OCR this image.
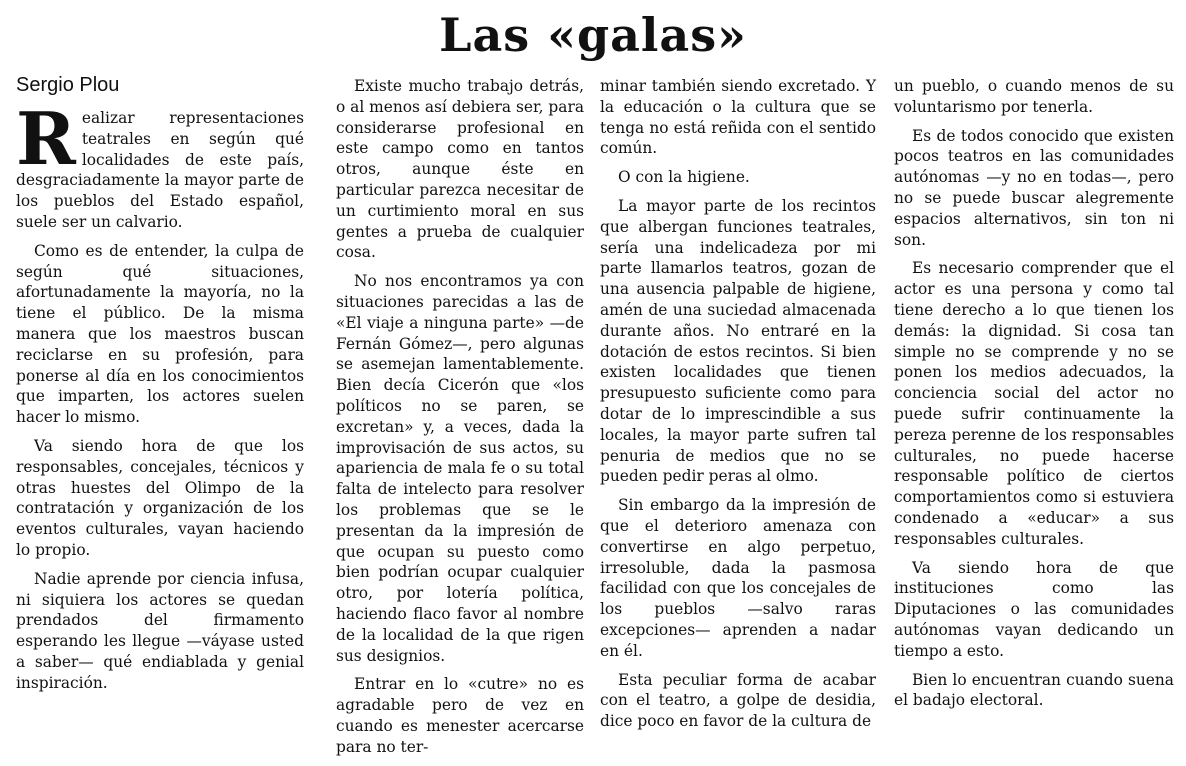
Las «galas»
Sergio Plou

Realizar representaciones teatrales en según qué localidades de este país, desgraciadamente la mayor parte de los pueblos del Estado español, suele ser un calvario.

Como es de entender, la culpa de según qué situaciones, afortunadamente la mayoría, no la tiene el público. De la misma manera que los maestros buscan reciclarse en su profesión, para ponerse al día en los conocimientos que imparten, los actores suelen hacer lo mismo.

Va siendo hora de que los responsables, concejales, técnicos y otras huestes del Olimpo de la contratación y organización de los eventos culturales, vayan haciendo lo propio.

Nadie aprende por ciencia infusa, ni siquiera los actores se quedan prendados del firmamento esperando les llegue —váyase usted a saber— qué endiablada y genial inspiración.

Existe mucho trabajo detrás, o al menos así debiera ser, para considerarse profesional en este campo como en tantos otros, aunque éste en particular parezca necesitar de un curtimiento moral en sus gentes a prueba de cualquier cosa.

No nos encontramos ya con situaciones parecidas a las de «El viaje a ninguna parte» —de Fernán Gómez—, pero algunas se asemejan lamentablemente. Bien decía Cicerón que «los políticos no se paren, se excretan» y, a veces, dada la improvisación de sus actos, su apariencia de mala fe o su total falta de intelecto para resolver los problemas que se le presentan da la impresión de que ocupan su puesto como bien podrían ocupar cualquier otro, por lotería política, haciendo flaco favor al nombre de la localidad de la que rigen sus designios.

Entrar en lo «cutre» no es agradable pero de vez en cuando es menester acercarse para no ter-

minar también siendo excretado. Y la educación o la cultura que se tenga no está reñida con el sentido común.

O con la higiene.

La mayor parte de los recintos que albergan funciones teatrales, sería una indelicadeza por mi parte llamarlos teatros, gozan de una ausencia palpable de higiene, amén de una suciedad almacenada durante años. No entraré en la dotación de estos recintos. Si bien existen localidades que tienen presupuesto suficiente como para dotar de lo imprescindible a sus locales, la mayor parte sufren tal penuria de medios que no se pueden pedir peras al olmo.

Sin embargo da la impresión de que el deterioro amenaza con convertirse en algo perpetuo, irresoluble, dada la pasmosa facilidad con que los concejales de los pueblos —salvo raras excepciones— aprenden a nadar en él.

Esta peculiar forma de acabar con el teatro, a golpe de desidia, dice poco en favor de la cultura de

un pueblo, o cuando menos de su voluntarismo por tenerla.

Es de todos conocido que existen pocos teatros en las comunidades autónomas —y no en todas—, pero no se puede buscar alegremente espacios alternativos, sin ton ni son.

Es necesario comprender que el actor es una persona y como tal tiene derecho a lo que tienen los demás: la dignidad. Si cosa tan simple no se comprende y no se ponen los medios adecuados, la conciencia social del actor no puede sufrir continuamente la pereza perenne de los responsables culturales, no puede hacerse responsable político de ciertos comportamientos como si estuviera condenado a «educar» a sus responsables culturales.

Va siendo hora de que instituciones como las Diputaciones o las comunidades autónomas vayan dedicando un tiempo a esto.

Bien lo encuentran cuando suena el badajo electoral.
